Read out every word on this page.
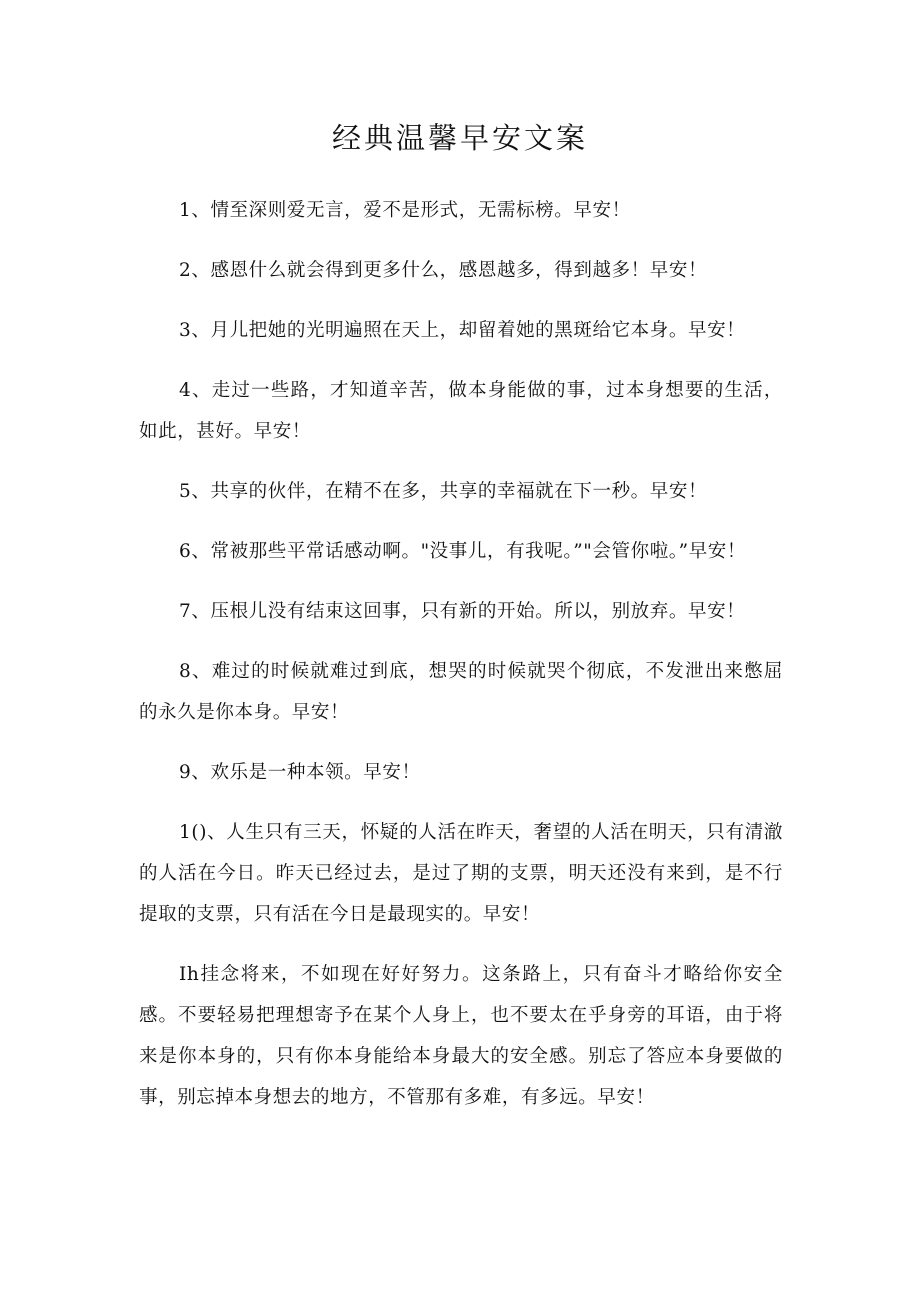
经典温馨早安文案

1、情至深则爱无言，爱不是形式，无需标榜。早安！

2、感恩什么就会得到更多什么，感恩越多，得到越多！早安！

3、月儿把她的光明遍照在天上，却留着她的黑斑给它本身。早安！

4、走过一些路，才知道辛苦，做本身能做的事，过本身想要的生活，如此，甚好。早安！

5、共享的伙伴，在精不在多，共享的幸福就在下一秒。早安！

6、常被那些平常话感动啊。"没事儿，有我呢。”"会管你啦。”早安！

7、压根儿没有结束这回事，只有新的开始。所以，别放弃。早安！

8、难过的时候就难过到底，想哭的时候就哭个彻底，不发泄出来憋屈的永久是你本身。早安！

9、欢乐是一种本领。早安！

1()、人生只有三天，怀疑的人活在昨天，奢望的人活在明天，只有清澈的人活在今日。昨天已经过去，是过了期的支票，明天还没有来到，是不行提取的支票，只有活在今日是最现实的。早安！

Ih挂念将来，不如现在好好努力。这条路上，只有奋斗才略给你安全感。不要轻易把理想寄予在某个人身上，也不要太在乎身旁的耳语，由于将来是你本身的，只有你本身能给本身最大的安全感。别忘了答应本身要做的事，别忘掉本身想去的地方，不管那有多难，有多远。早安！
